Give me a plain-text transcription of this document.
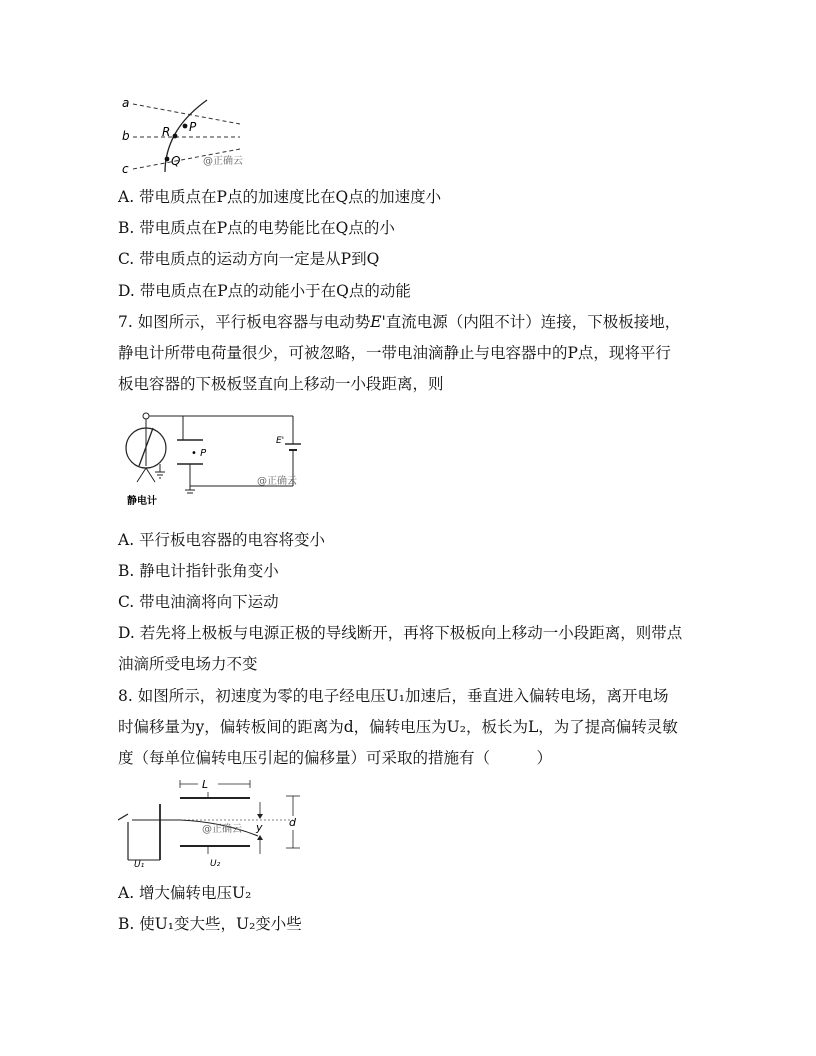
a
b
c
P
R
Q @正确云
A. 带电质点在P点的加速度比在Q点的加速度小
B. 带电质点在P点的电势能比在Q点的小
C. 带电质点的运动方向一定是从P到Q
D. 带电质点在P点的动能小于在Q点的动能
7. 如图所示，平行板电容器与电动势E'直流电源（内阻不计）连接，下极板接地，
静电计所带电荷量很少，可被忽略，一带电油滴静止与电容器中的P点，现将平行
板电容器的下极板竖直向上移动一小段距离，则
• P
E'
@正确云
静电计
A. 平行板电容器的电容将变小
B. 静电计指针张角变小
C. 带电油滴将向下运动
D. 若先将上极板与电源正极的导线断开，再将下极板向上移动一小段距离，则带点
油滴所受电场力不变
8. 如图所示，初速度为零的电子经电压U₁加速后，垂直进入偏转电场，离开电场
时偏移量为y，偏转板间的距离为d，偏转电压为U₂，板长为L，为了提高偏转灵敏
度（每单位偏转电压引起的偏移量）可采取的措施有（　　　）
U₁
L
U₂
y d
@正确云
A. 增大偏转电压U₂
B. 使U₁变大些，U₂变小些
